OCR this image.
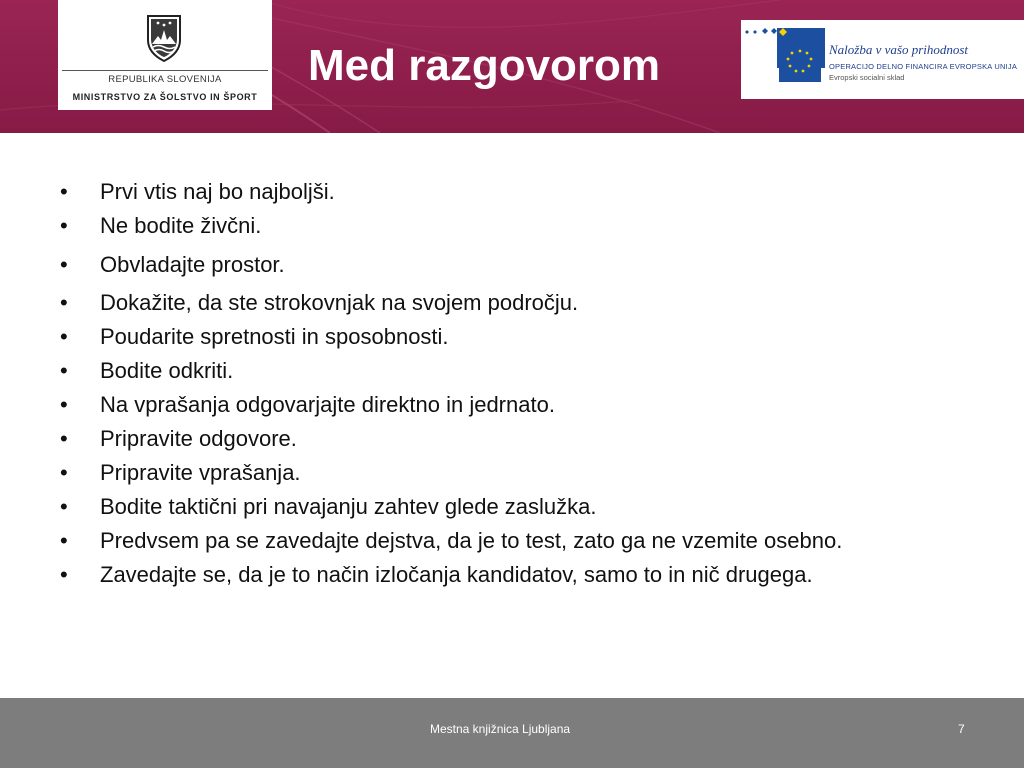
REPUBLIKA SLOVENIJA
MINISTRSTVO ZA ŠOLSTVO IN ŠPORT
Med razgovorom	Naložba v vašo prihodnost
OPERACIJO DELNO FINANCIRA EVROPSKA UNIJA
Evropski socialni sklad
• Prvi vtis naj bo najboljši.
• Ne bodite živčni.
• Obvladajte prostor.
• Dokažite, da ste strokovnjak na svojem področju.
• Poudarite spretnosti in sposobnosti.
• Bodite odkriti.
• Na vprašanja odgovarjajte direktno in jedrnato.
• Pripravite odgovore.
• Pripravite vprašanja.
• Bodite taktični pri navajanju zahtev glede zaslužka.
• Predvsem pa se zavedajte dejstva, da je to test, zato ga ne vzemite osebno.
• Zavedajte se, da je to način izločanja kandidatov, samo to in nič drugega.
Mestna knjižnica Ljubljana	7
